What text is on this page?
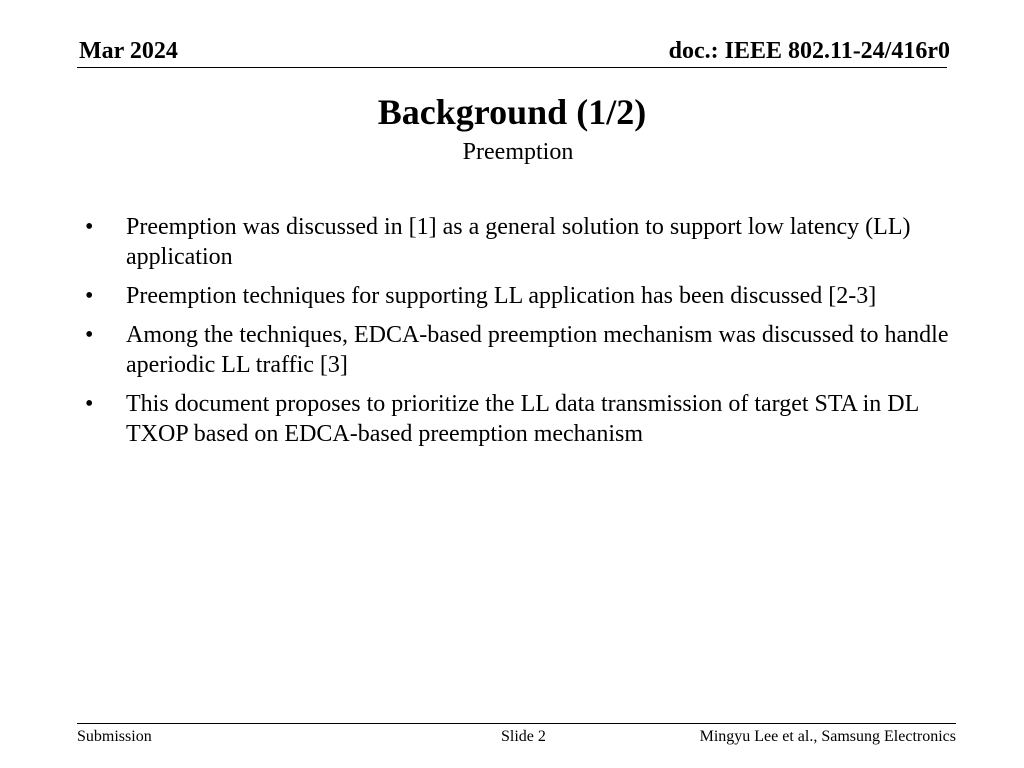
Mar 2024	doc.: IEEE 802.11-24/416r0
Background (1/2)
Preemption
•	Preemption was discussed in [1] as a general solution to support low latency (LL) application
•	Preemption techniques for supporting LL application has been discussed [2-3]
•	Among the techniques, EDCA-based preemption mechanism was discussed to handle aperiodic LL traffic [3]
•	This document proposes to prioritize the LL data transmission of target STA in DL TXOP based on EDCA-based preemption mechanism
Submission	Slide 2	Mingyu Lee et al., Samsung Electronics
